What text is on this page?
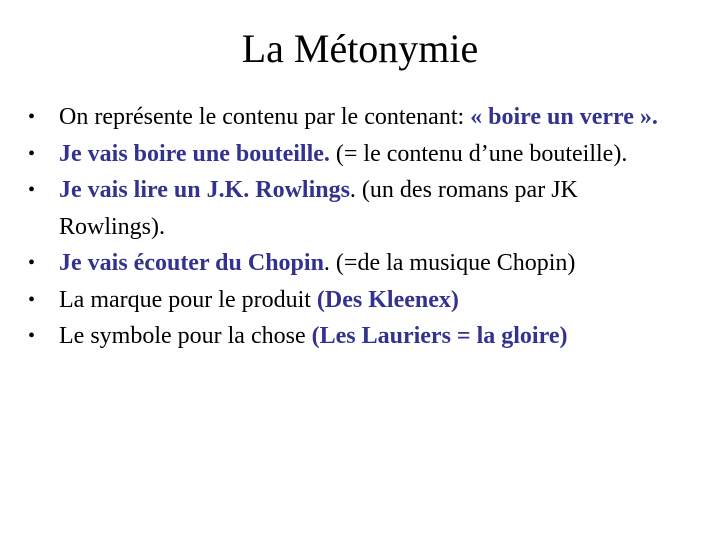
La Métonymie
• On représente le contenu par le contenant: « boire un verre ».
• Je vais boire une bouteille. (= le contenu d’une bouteille).
• Je vais lire un J.K. Rowlings. (un des romans par JK Rowlings).
• Je vais écouter du Chopin. (=de la musique Chopin)
• La marque pour le produit (Des Kleenex)
• Le symbole pour la chose (Les Lauriers = la gloire)
